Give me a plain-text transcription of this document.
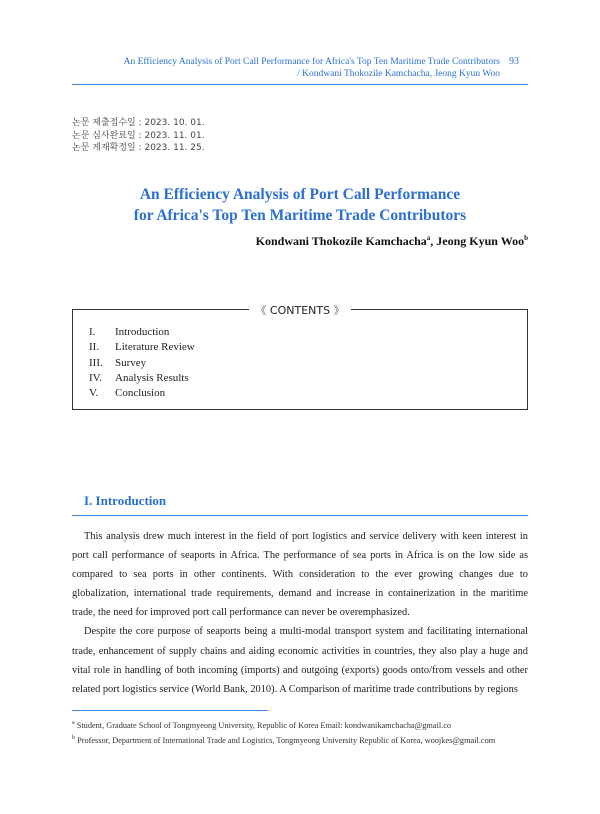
An Efficiency Analysis of Port Call Performance for Africa's Top Ten Maritime Trade Contributors
/ Kondwani Thokozile Kamchacha, Jeong Kyun Woo
93
논문 제출접수일 : 2023. 10. 01.
논문 심사완료일 : 2023. 11. 01.
논문 게재확정일 : 2023. 11. 25.
An Efficiency Analysis of Port Call Performance
for Africa's Top Ten Maritime Trade Contributors
Kondwani Thokozile Kamchacha$^a$, Jeong Kyun Woo$^b$
《 CONTENTS 》
I.	Introduction
II.	Literature Review
III.	Survey
IV.	Analysis Results
V.	Conclusion
I. Introduction

This analysis drew much interest in the field of port logistics and service delivery with keen interest in port call performance of seaports in Africa. The performance of sea ports in Africa is on the low side as compared to sea ports in other continents. With consideration to the ever growing changes due to globalization, international trade requirements, demand and increase in containerization in the maritime trade, the need for improved port call performance can never be overemphasized.

Despite the core purpose of seaports being a multi-modal transport system and facilitating international trade, enhancement of supply chains and aiding economic activities in countries, they also play a huge and vital role in handling of both incoming (imports) and outgoing (exports) goods onto/from vessels and other related port logistics service (World Bank, 2010). A Comparison of maritime trade contributions by regions

$^a$ Student, Graduate School of Tongmyeong University, Republic of Korea Email: kondwanikamchacha@gmail.co
$^b$ Professor, Department of International Trade and Logistics, Tongmyeong University Republic of Korea, woojkes@gmail.com
